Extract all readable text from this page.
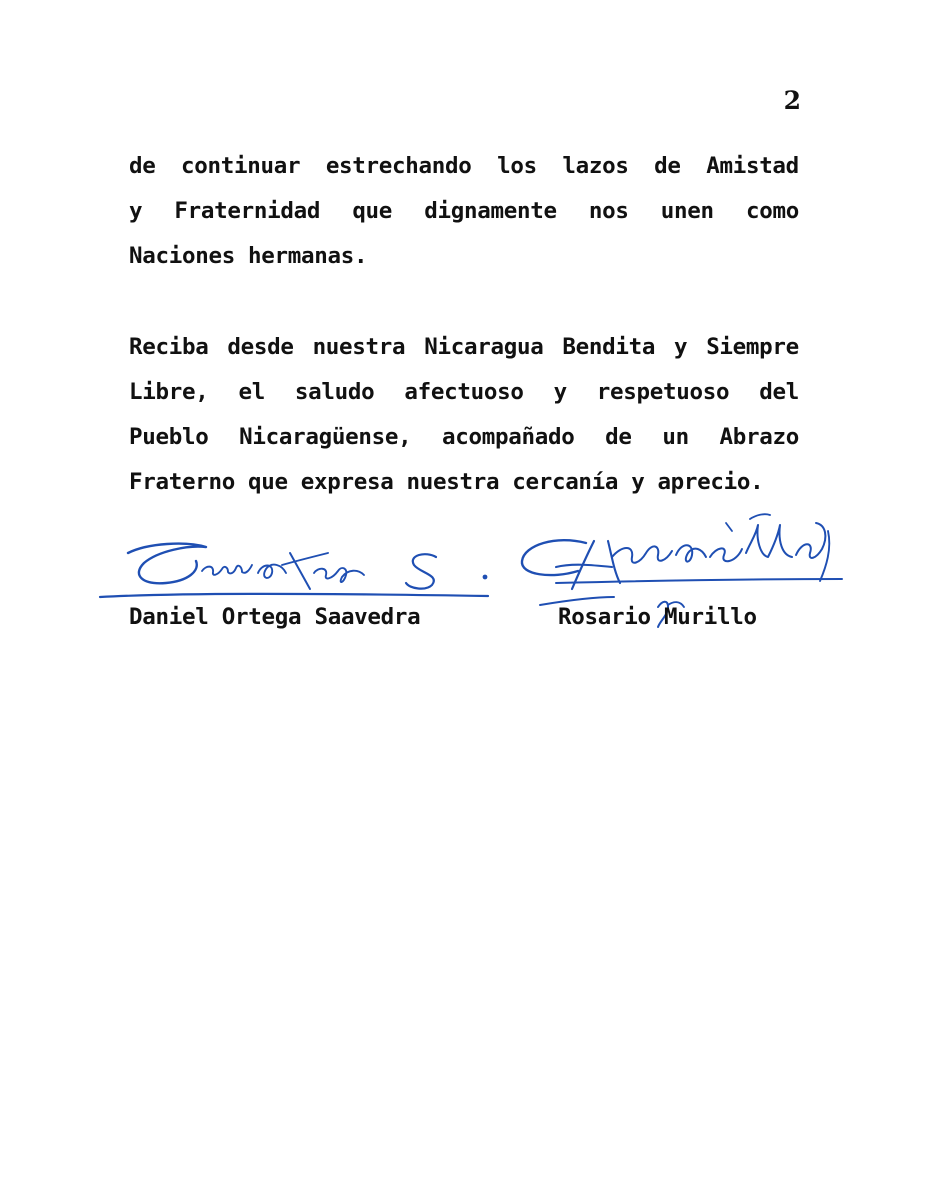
2
de continuar estrechando los lazos de Amistad
y Fraternidad que dignamente nos unen como
Naciones hermanas.
Reciba desde nuestra Nicaragua Bendita y Siempre
Libre, el saludo afectuoso y respetuoso del
Pueblo Nicaragüense, acompañado de un Abrazo
Fraterno que expresa nuestra cercanía y aprecio.
Daniel Ortega Saavedra	Rosario Murillo
